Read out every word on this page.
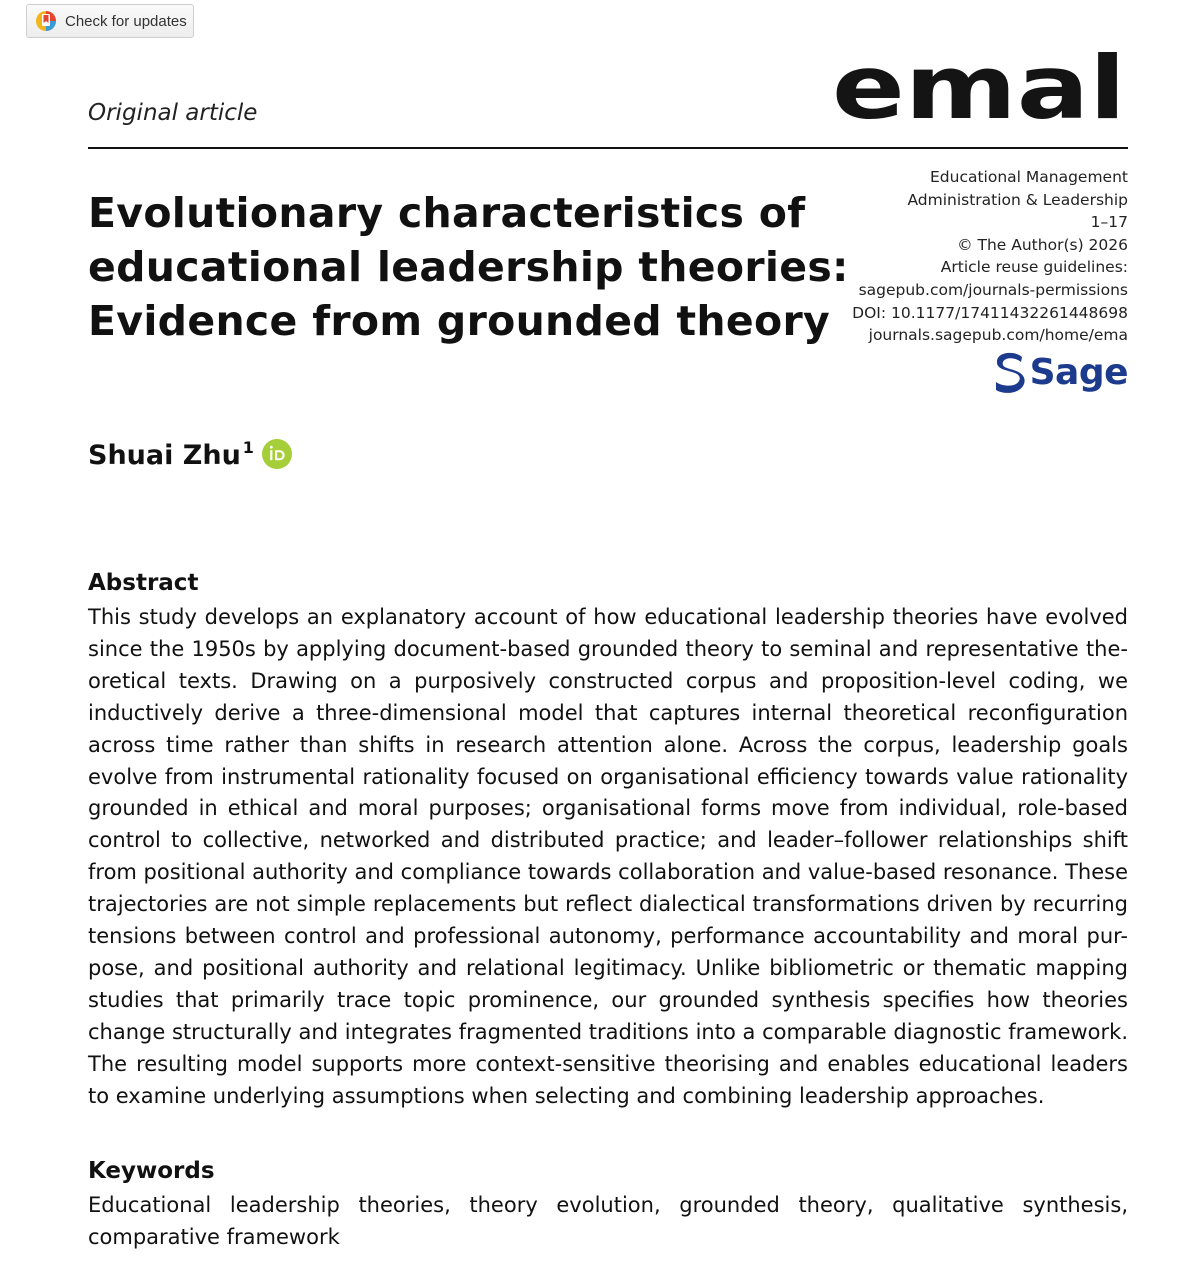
Check for updates
Original article	emal
Evolutionary characteristics of
educational leadership theories:
Evidence from grounded theory
Educational Management
Administration & Leadership
1–17
© The Author(s) 2026
Article reuse guidelines:
sagepub.com/journals-permissions
DOI: 10.1177/17411432261448698
journals.sagepub.com/home/ema
Sage
Shuai Zhu 1
Abstract

This study develops an explanatory account of how educational leadership theories have evolved
since the 1950s by applying document-based grounded theory to seminal and representative the-
oretical texts. Drawing on a purposively constructed corpus and proposition-level coding, we
inductively derive a three-dimensional model that captures internal theoretical reconfiguration
across time rather than shifts in research attention alone. Across the corpus, leadership goals
evolve from instrumental rationality focused on organisational efficiency towards value rationality
grounded in ethical and moral purposes; organisational forms move from individual, role-based
control to collective, networked and distributed practice; and leader–follower relationships shift
from positional authority and compliance towards collaboration and value-based resonance. These
trajectories are not simple replacements but reflect dialectical transformations driven by recurring
tensions between control and professional autonomy, performance accountability and moral pur-
pose, and positional authority and relational legitimacy. Unlike bibliometric or thematic mapping
studies that primarily trace topic prominence, our grounded synthesis specifies how theories
change structurally and integrates fragmented traditions into a comparable diagnostic framework.
The resulting model supports more context-sensitive theorising and enables educational leaders
to examine underlying assumptions when selecting and combining leadership approaches.

Keywords

Educational leadership theories, theory evolution, grounded theory, qualitative synthesis,
comparative framework
